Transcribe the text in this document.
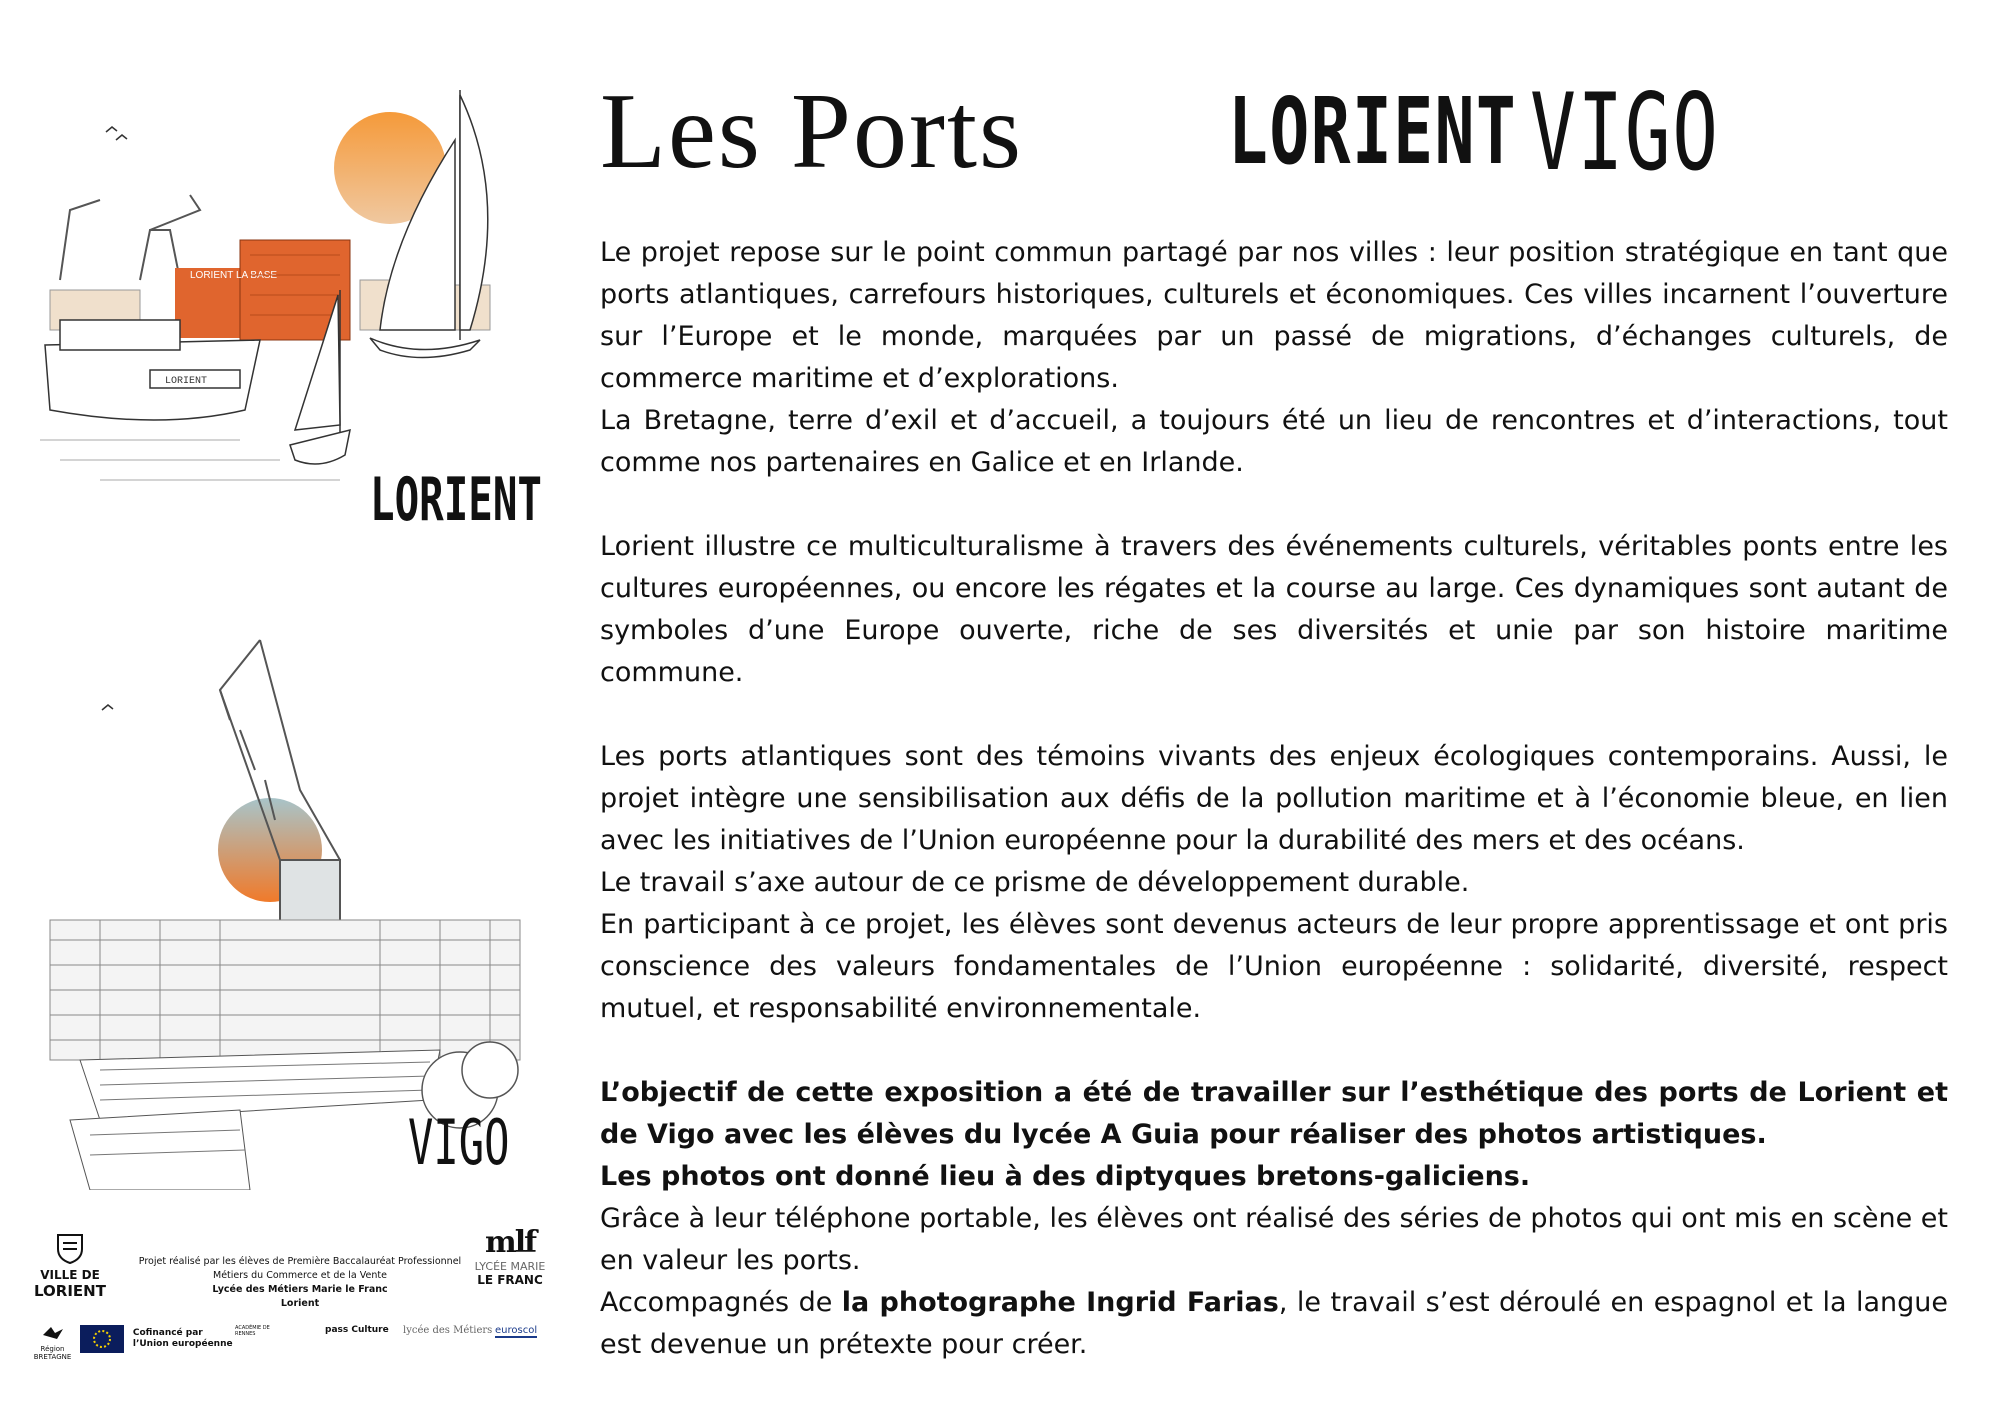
Les Ports LORIENT VIGO
LORIENT LA BASE
LORIENT
LORIENT
VIGO

Le projet repose sur le point commun partagé par nos villes : leur position stratégique en tant que ports atlantiques, carrefours historiques, culturels et économiques. Ces villes incarnent l’ouverture sur l’Europe et le monde, marquées par un passé de migrations, d’échanges culturels, de commerce maritime et d’explorations.

La Bretagne, terre d’exil et d’accueil, a toujours été un lieu de rencontres et d’interactions, tout comme nos partenaires en Galice et en Irlande.

Lorient illustre ce multiculturalisme à travers des événements culturels, véritables ponts entre les cultures européennes, ou encore les régates et la course au large. Ces dynamiques sont autant de symboles d’une Europe ouverte, riche de ses diversités et unie par son histoire maritime commune.

Les ports atlantiques sont des témoins vivants des enjeux écologiques contemporains. Aussi, le projet intègre une sensibilisation aux défis de la pollution maritime et à l’économie bleue, en lien avec les initiatives de l’Union européenne pour la durabilité des mers et des océans.

Le travail s’axe autour de ce prisme de développement durable.

En participant à ce projet, les élèves sont devenus acteurs de leur propre apprentissage et ont pris conscience des valeurs fondamentales de l’Union européenne : solidarité, diversité, respect mutuel, et responsabilité environnementale.

L’objectif de cette exposition a été de travailler sur l’esthétique des ports de Lorient et de Vigo avec les élèves du lycée A Guia pour réaliser des photos artistiques.

Les photos ont donné lieu à des diptyques bretons-galiciens.

Grâce à leur téléphone portable, les élèves ont réalisé des séries de photos qui ont mis en scène et en valeur les ports.

Accompagnés de la photographe Ingrid Farias, le travail s’est déroulé en espagnol et la langue est devenue un prétexte pour créer.

VILLE DE
LORIENT
Projet réalisé par les élèves de Première Baccalauréat Professionnel
Métiers du Commerce et de la Vente
Lycée des Métiers Marie le Franc
Lorient
mlf
LYCÉE MARIE
LE FRANC
Région BRETAGNE
Cofinancé par
l’Union européenne
ACADÉMIE DE RENNES	pass Culture lycée des Métiers euroscol
